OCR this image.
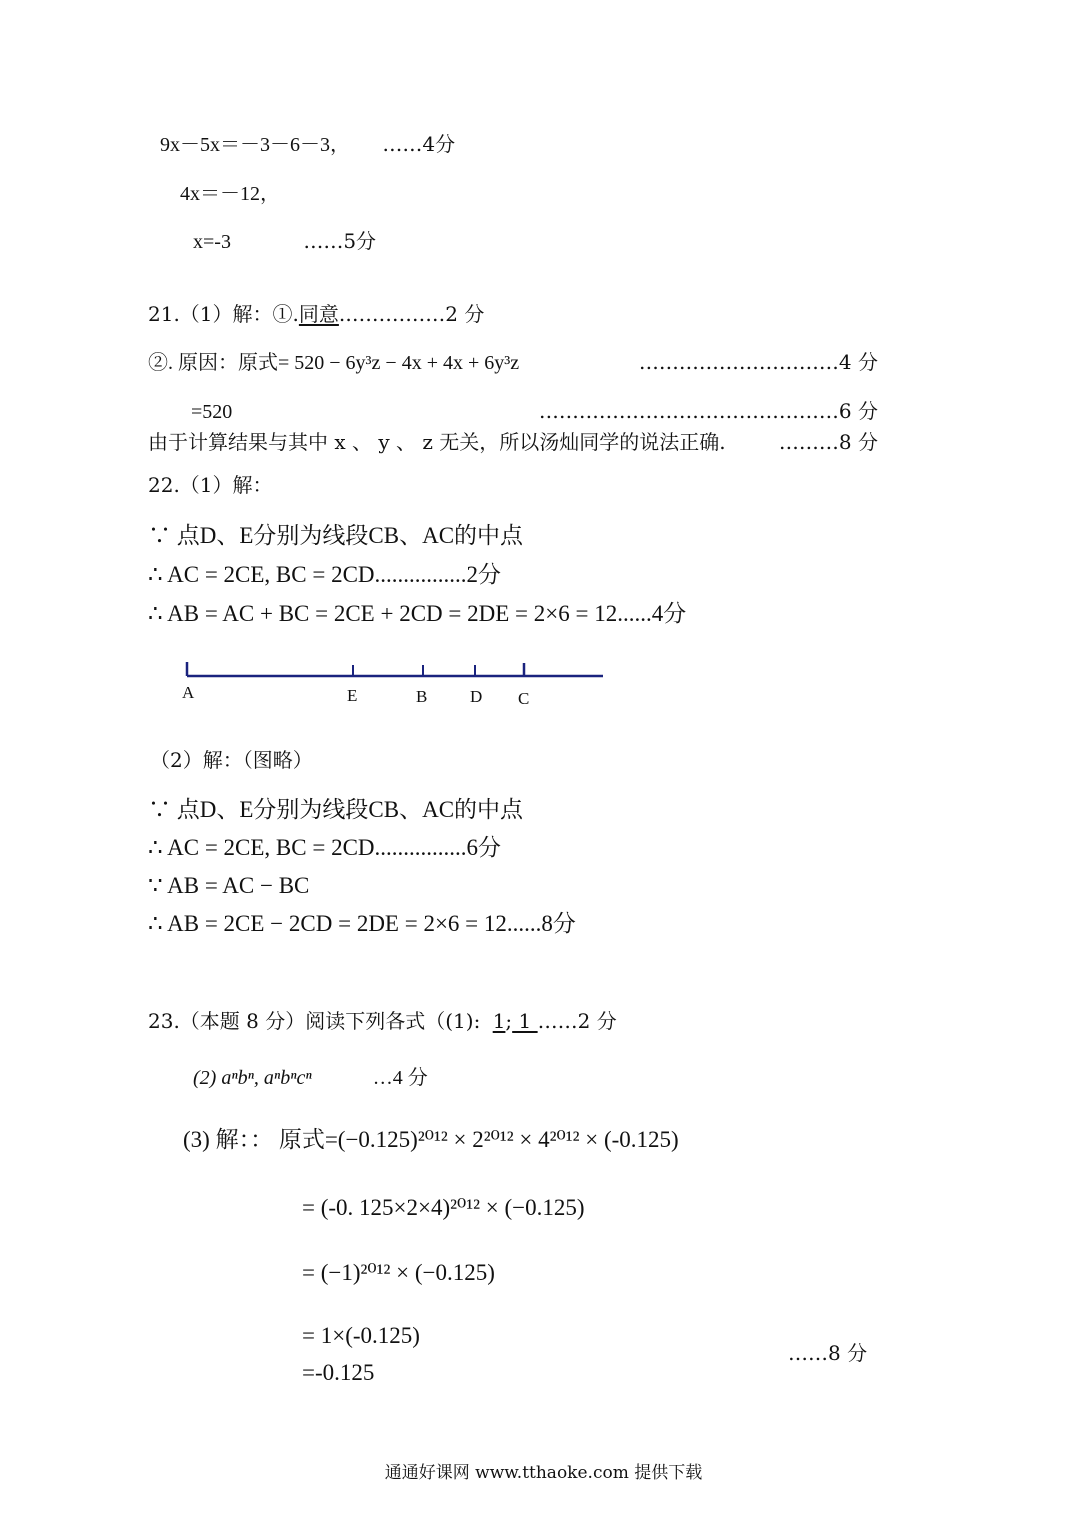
9x－5x＝－3－6－3， ……4分
4x＝－12，
x=-3	……5分
21.（1）解：①.同意.……………2 分
②. 原因：原式= 520 − 6y³z − 4x + 4x + 6y³z	…………………………4 分
=520	………………………………………6 分
由于计算结果与其中 x 、 y 、 z 无关，所以汤灿同学的说法正确.	………8 分
22.（1）解：
∵ 点D、E分别为线段CB、AC的中点
∴ AC = 2CE, BC = 2CD................2分
∴ AB = AC + BC = 2CE + 2CD = 2DE = 2×6 = 12......4分
A	E	B	D C
（2）解：（图略）
∵ 点D、E分别为线段CB、AC的中点
∴ AC = 2CE, BC = 2CD................6分
∵ AB = AC − BC
∴ AB = 2CE − 2CD = 2DE = 2×6 = 12......8分
23.（本题 8 分）阅读下列各式（(1): 1; 1 ……2 分
(2) aⁿbⁿ, aⁿbⁿcⁿ	…4 分
(3) 解：： 原式=(−0.125)²⁰¹² × 2²⁰¹² × 4²⁰¹² × (-0.125)
= (-0. 125×2×4)²⁰¹² × (−0.125)
= (−1)²⁰¹² × (−0.125)
= 1×(-0.125)
=-0.125
……8 分
通通好课网 www.tthaoke.com 提供下载
